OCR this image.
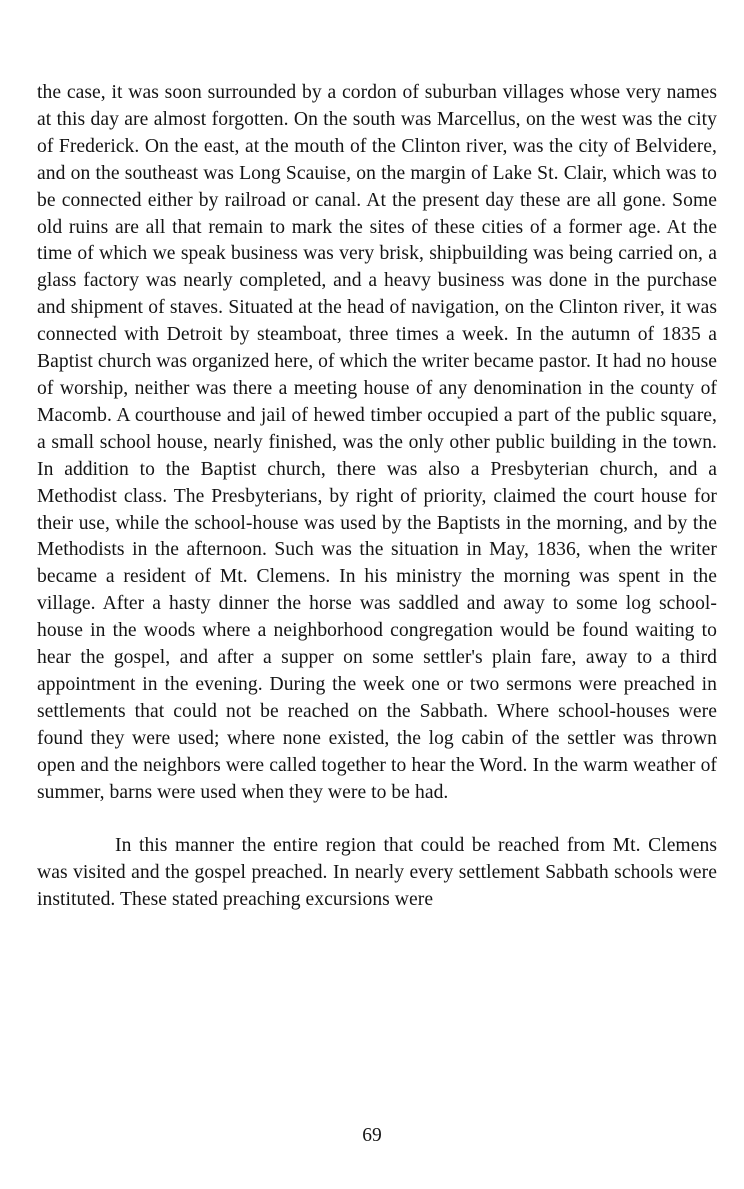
the case, it was soon surrounded by a cordon of suburban villages whose very names at this day are almost forgotten. On the south was Marcellus, on the west was the city of Frederick. On the east, at the mouth of the Clinton river, was the city of Belvidere, and on the southeast was Long Scauise, on the margin of Lake St. Clair, which was to be connected either by railroad or canal. At the present day these are all gone. Some old ruins are all that remain to mark the sites of these cities of a former age. At the time of which we speak business was very brisk, shipbuilding was being carried on, a glass factory was nearly completed, and a heavy business was done in the purchase and shipment of staves. Situated at the head of navigation, on the Clinton river, it was connected with Detroit by steamboat, three times a week. In the autumn of 1835 a Baptist church was organized here, of which the writer became pastor. It had no house of worship, neither was there a meeting house of any denomination in the county of Macomb. A courthouse and jail of hewed timber occupied a part of the public square, a small school house, nearly finished, was the only other public building in the town. In addition to the Baptist church, there was also a Presbyterian church, and a Methodist class. The Presbyterians, by right of priority, claimed the court house for their use, while the school-house was used by the Baptists in the morning, and by the Methodists in the afternoon. Such was the situation in May, 1836, when the writer became a resident of Mt. Clemens. In his ministry the morning was spent in the village. After a hasty dinner the horse was saddled and away to some log school-house in the woods where a neighborhood congregation would be found waiting to hear the gospel, and after a supper on some settler's plain fare, away to a third appointment in the evening. During the week one or two sermons were preached in settlements that could not be reached on the Sabbath. Where school-houses were found they were used; where none existed, the log cabin of the settler was thrown open and the neighbors were called together to hear the Word. In the warm weather of summer, barns were used when they were to be had.

In this manner the entire region that could be reached from Mt. Clemens was visited and the gospel preached. In nearly every settlement Sabbath schools were instituted. These stated preaching excursions were

69
